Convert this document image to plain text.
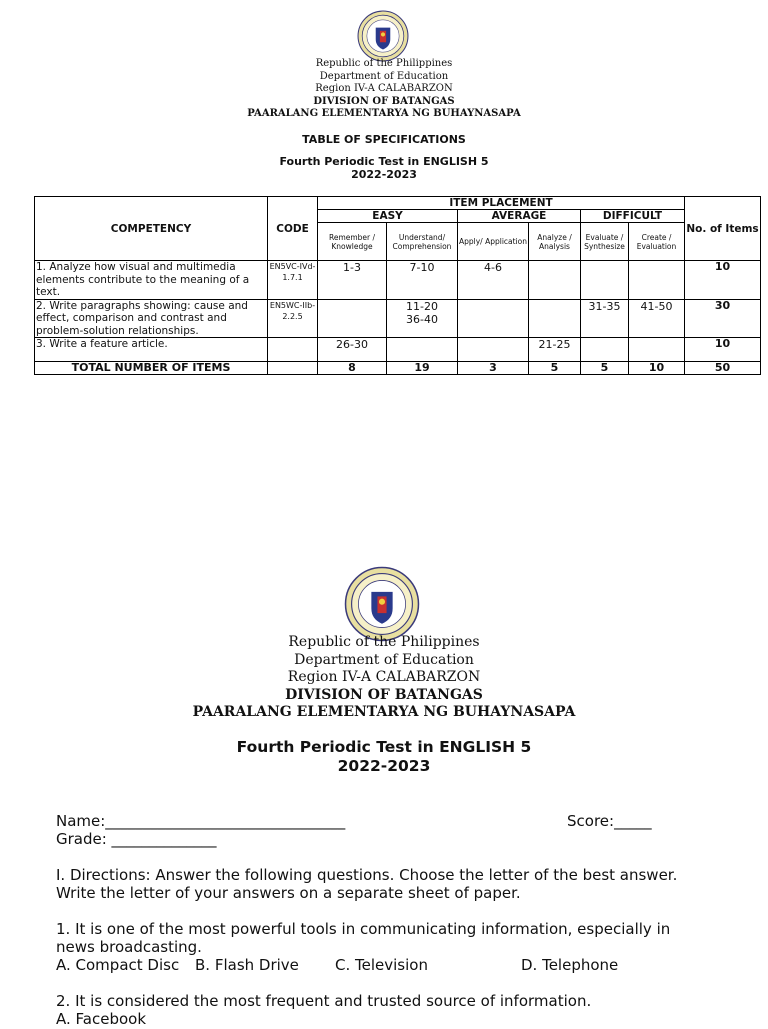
Republic of the Philippines
Department of Education
Region IV-A CALABARZON
DIVISION OF BATANGAS
PAARALANG ELEMENTARYA NG BUHAYNASAPA
TABLE OF SPECIFICATIONS
Fourth Periodic Test in ENGLISH 5
2022-2023
COMPETENCY	CODE	ITEM PLACEMENT						No. of Items
		EASY		AVERAGE		DIFFICULT		
		Remember / Knowledge	Understand/ Comprehension	Apply/ Application	Analyze / Analysis	Evaluate / Synthesize	Create / Evaluation	
1. Analyze how visual and multimedia elements contribute to the meaning of a text.	EN5VC-IVd-1.7.1	1-3	7-10	4-6				10
2. Write paragraphs showing: cause and effect, comparison and contrast and problem-solution relationships.	EN5WC-IIb-2.2.5		11-20 36-40			31-35	41-50	30
3. Write a feature article.		26-30			21-25			10
TOTAL NUMBER OF ITEMS		8	19	3	5	5	10	50
Republic of the Philippines
Department of Education
Region IV-A CALABARZON
DIVISION OF BATANGAS
PAARALANG ELEMENTARYA NG BUHAYNASAPA
Fourth Periodic Test in ENGLISH 5
2022-2023
Name:________________________________	Score:_____
Grade: ______________
I. Directions: Answer the following questions. Choose the letter of the best answer.
Write the letter of your answers on a separate sheet of paper.
1. It is one of the most powerful tools in communicating information, especially in
news broadcasting.
A. Compact Disc B. Flash Drive C. Television	D. Telephone
2. It is considered the most frequent and trusted source of information.
A. Facebook
